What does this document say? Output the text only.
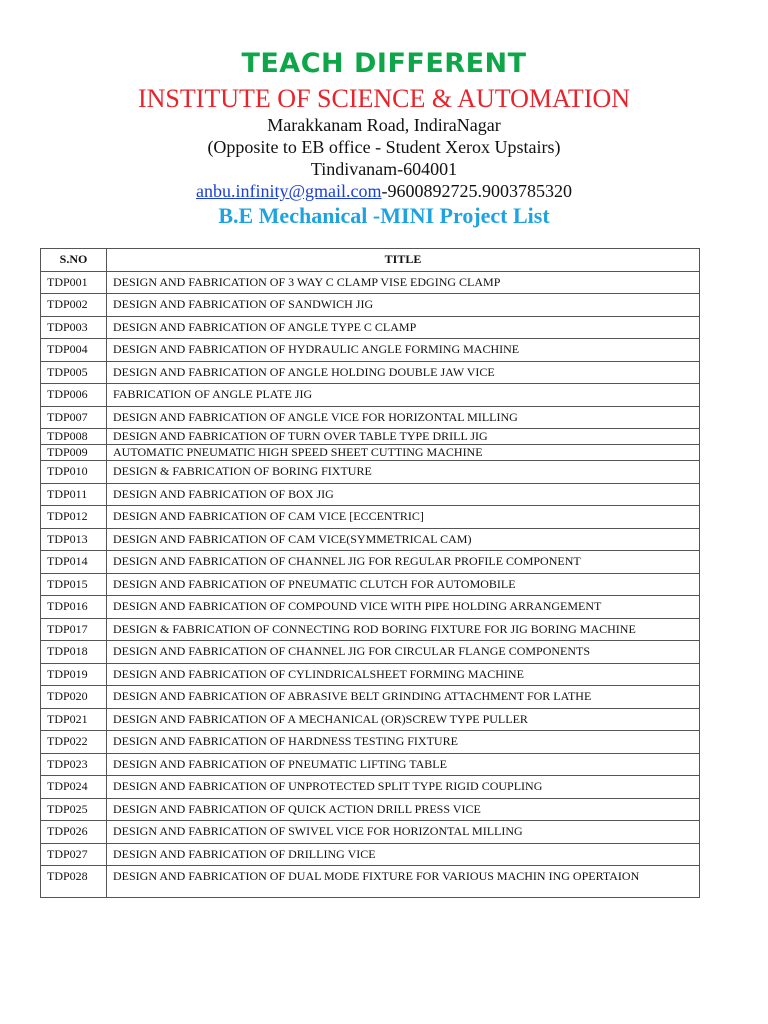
TEACH DIFFERENT
INSTITUTE OF SCIENCE & AUTOMATION
Marakkanam Road, IndiraNagar
(Opposite to EB office - Student Xerox Upstairs)
Tindivanam-604001
anbu.infinity@gmail.com-9600892725.9003785320
B.E Mechanical -MINI Project List
S.NO	TITLE
TDP001	DESIGN AND FABRICATION OF 3 WAY C CLAMP VISE EDGING CLAMP
TDP002	DESIGN AND FABRICATION OF SANDWICH JIG
TDP003	DESIGN AND FABRICATION OF ANGLE TYPE C CLAMP
TDP004	DESIGN AND FABRICATION OF HYDRAULIC ANGLE FORMING MACHINE
TDP005	DESIGN AND FABRICATION OF ANGLE HOLDING DOUBLE JAW VICE
TDP006	FABRICATION OF ANGLE PLATE JIG
TDP007	DESIGN AND FABRICATION OF ANGLE VICE FOR HORIZONTAL MILLING
TDP008	DESIGN AND FABRICATION OF TURN OVER TABLE TYPE DRILL JIG
TDP009	AUTOMATIC PNEUMATIC HIGH SPEED SHEET CUTTING MACHINE
TDP010	DESIGN & FABRICATION OF BORING FIXTURE
TDP011	DESIGN AND FABRICATION OF BOX JIG
TDP012	DESIGN AND FABRICATION OF CAM VICE [ECCENTRIC]
TDP013	DESIGN AND FABRICATION OF CAM VICE(SYMMETRICAL CAM)
TDP014	DESIGN AND FABRICATION OF CHANNEL JIG FOR REGULAR PROFILE COMPONENT
TDP015	DESIGN AND FABRICATION OF PNEUMATIC CLUTCH FOR AUTOMOBILE
TDP016	DESIGN AND FABRICATION OF COMPOUND VICE WITH PIPE HOLDING ARRANGEMENT
TDP017	DESIGN & FABRICATION OF CONNECTING ROD BORING FIXTURE FOR JIG BORING MACHINE
TDP018	DESIGN AND FABRICATION OF CHANNEL JIG FOR CIRCULAR FLANGE COMPONENTS
TDP019	DESIGN AND FABRICATION OF CYLINDRICALSHEET FORMING MACHINE
TDP020	DESIGN AND FABRICATION OF ABRASIVE BELT GRINDING ATTACHMENT FOR LATHE
TDP021	DESIGN AND FABRICATION OF A MECHANICAL (OR)SCREW TYPE PULLER
TDP022	DESIGN AND FABRICATION OF HARDNESS TESTING FIXTURE
TDP023	DESIGN AND FABRICATION OF PNEUMATIC LIFTING TABLE
TDP024	DESIGN AND FABRICATION OF UNPROTECTED SPLIT TYPE RIGID COUPLING
TDP025	DESIGN AND FABRICATION OF QUICK ACTION DRILL PRESS VICE
TDP026	DESIGN AND FABRICATION OF SWIVEL VICE FOR HORIZONTAL MILLING
TDP027	DESIGN AND FABRICATION OF DRILLING VICE
TDP028	DESIGN AND FABRICATION OF DUAL MODE FIXTURE FOR VARIOUS MACHIN ING OPERTAION
